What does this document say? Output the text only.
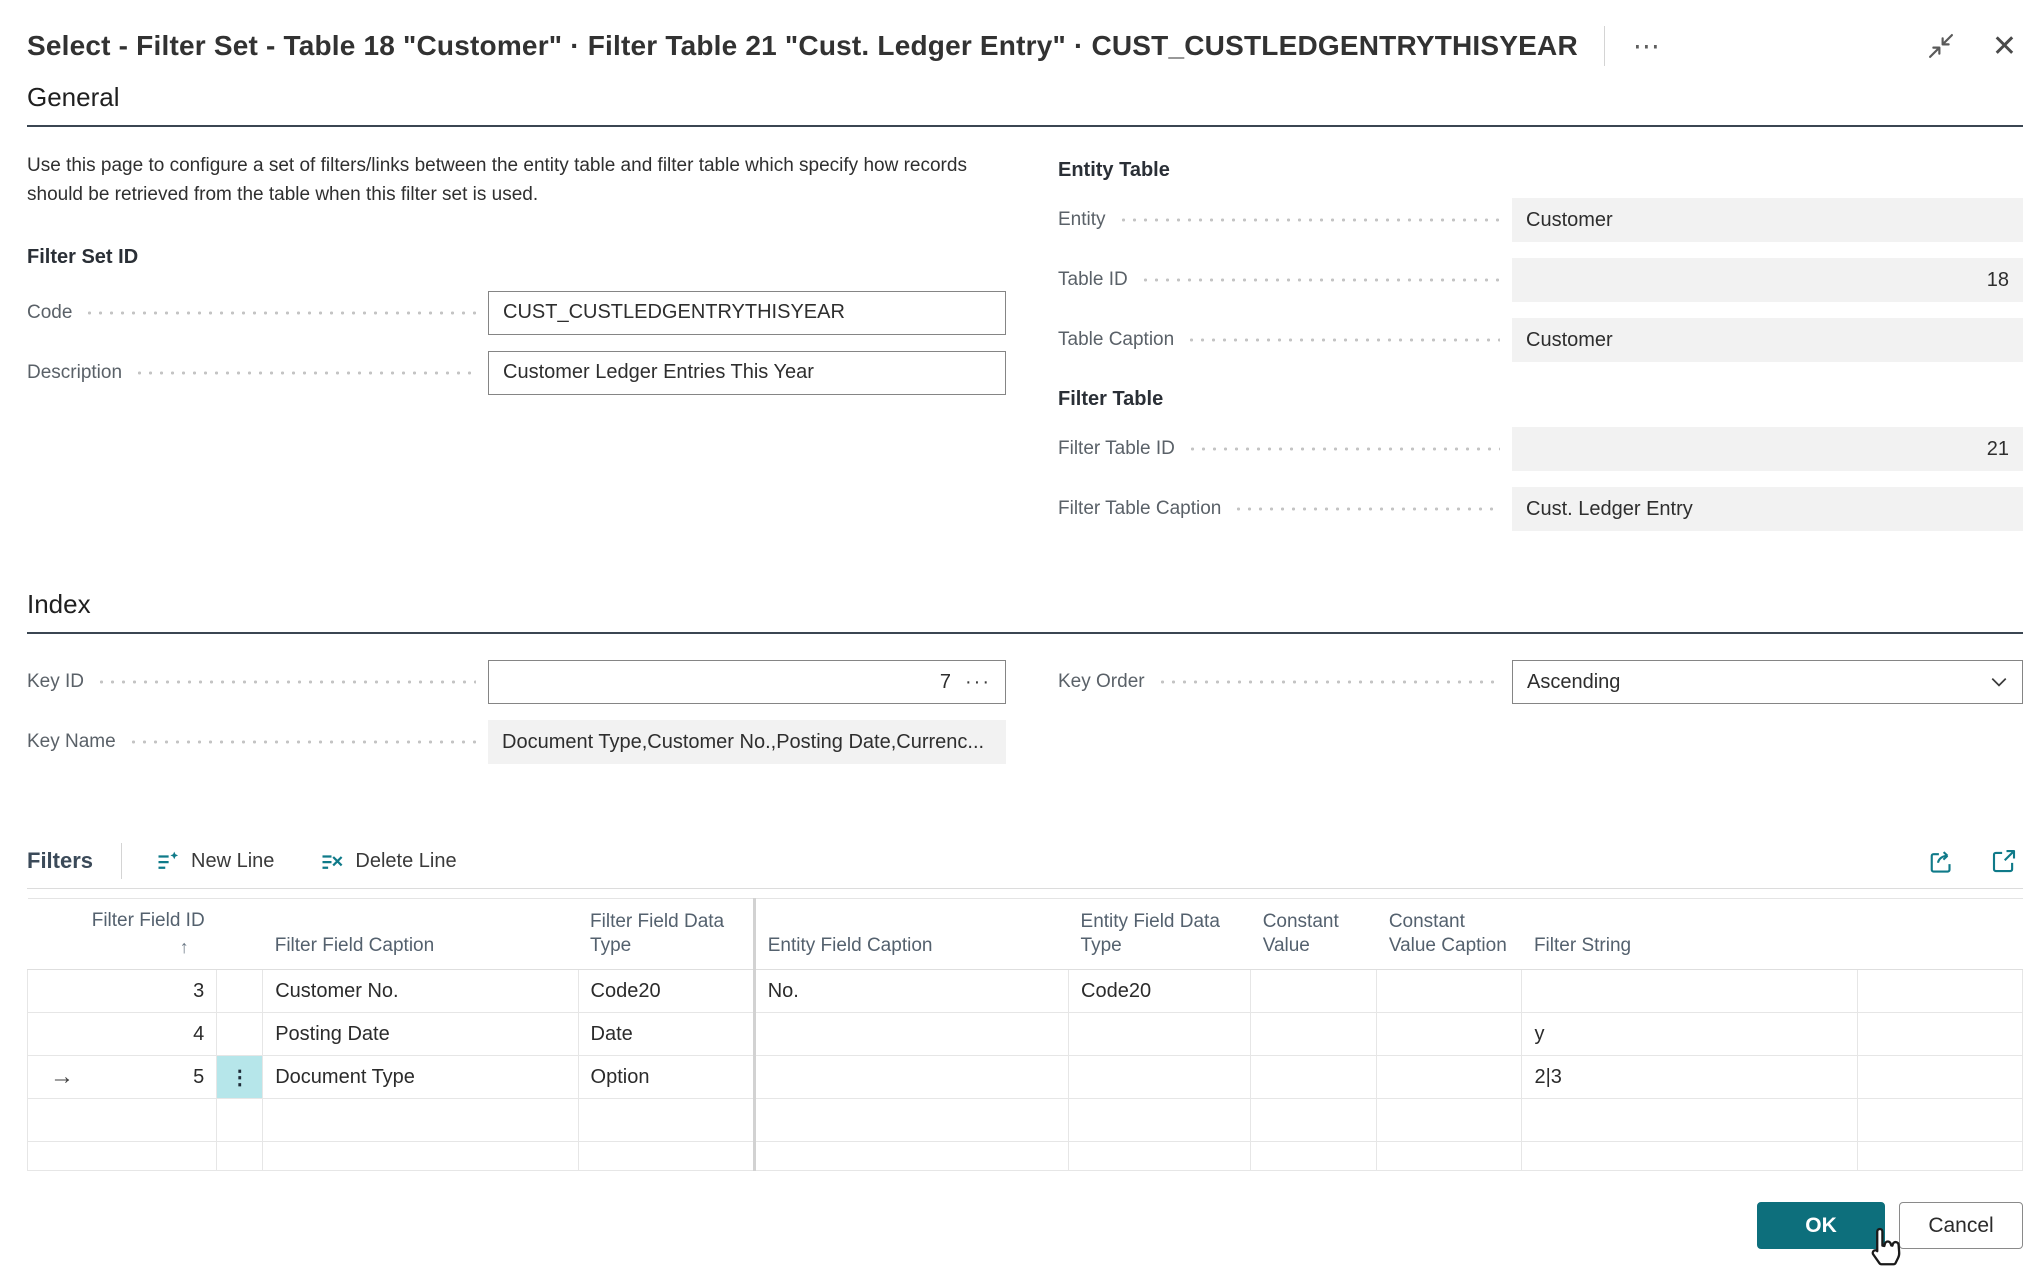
Select - Filter Set - Table 18 "Customer" · Filter Table 21 "Cust. Ledger Entry" · CUST_CUSTLEDGENTRYTHISYEAR ⋯	✕
General

Use this page to configure a set of filters/links between the entity table and filter table which specify how records should be retrieved from the table when this filter set is used.

Filter Set ID
Code
CUST_CUSTLEDGENTRYTHISYEAR
Description
Customer Ledger Entries This Year
Entity Table
Entity	Customer
Table ID	18
Table Caption	Customer
Filter Table
Filter Table ID	21
Filter Table Caption	Cust. Ledger Entry
Index
Key ID	7 ···
Key Name	Document Type,Customer No.,Posting Date,Currenc...
Key Order	Ascending
Filters	New Line	Delete Line
Filter Field ID
↑		Filter Field Caption	Filter Field Data Type	Entity Field Caption	Entity Field Data Type	Constant Value	Constant Value Caption	Filter String	

3		Customer No.	Code20	No.	Code20				

4		Posting Date	Date					y	

→ 5	⋮	Document Type	Option					2|3	

OK	Cancel
